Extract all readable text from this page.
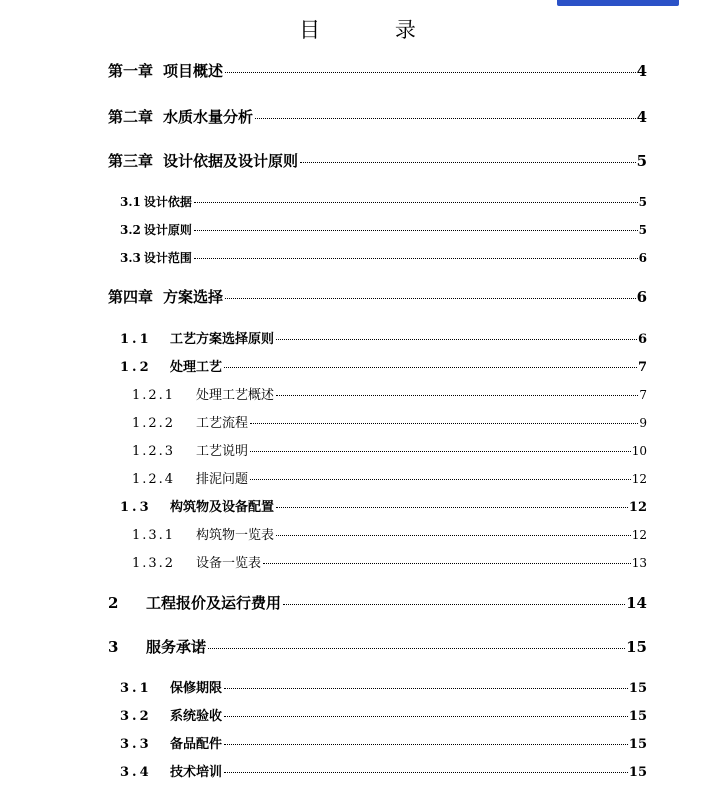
目 录
第一章 项目概述	4
第二章 水质水量分析	4
第三章 设计依据及设计原则	5
3.1 设计依据	5
3.2 设计原则	5
3.3 设计范围	6
第四章 方案选择	6
1.1	工艺方案选择原则	6
1.2	处理工艺	7
1.2.1	处理工艺概述	7
1.2.2	工艺流程	9
1.2.3	工艺说明	10
1.2.4	排泥问题	12
1.3	构筑物及设备配置	12
1.3.1	构筑物一览表	12
1.3.2	设备一览表	13
2	工程报价及运行费用	14
3	服务承诺	15
3.1	保修期限	15
3.2	系统验收	15
3.3	备品配件	15
3.4	技术培训	15
